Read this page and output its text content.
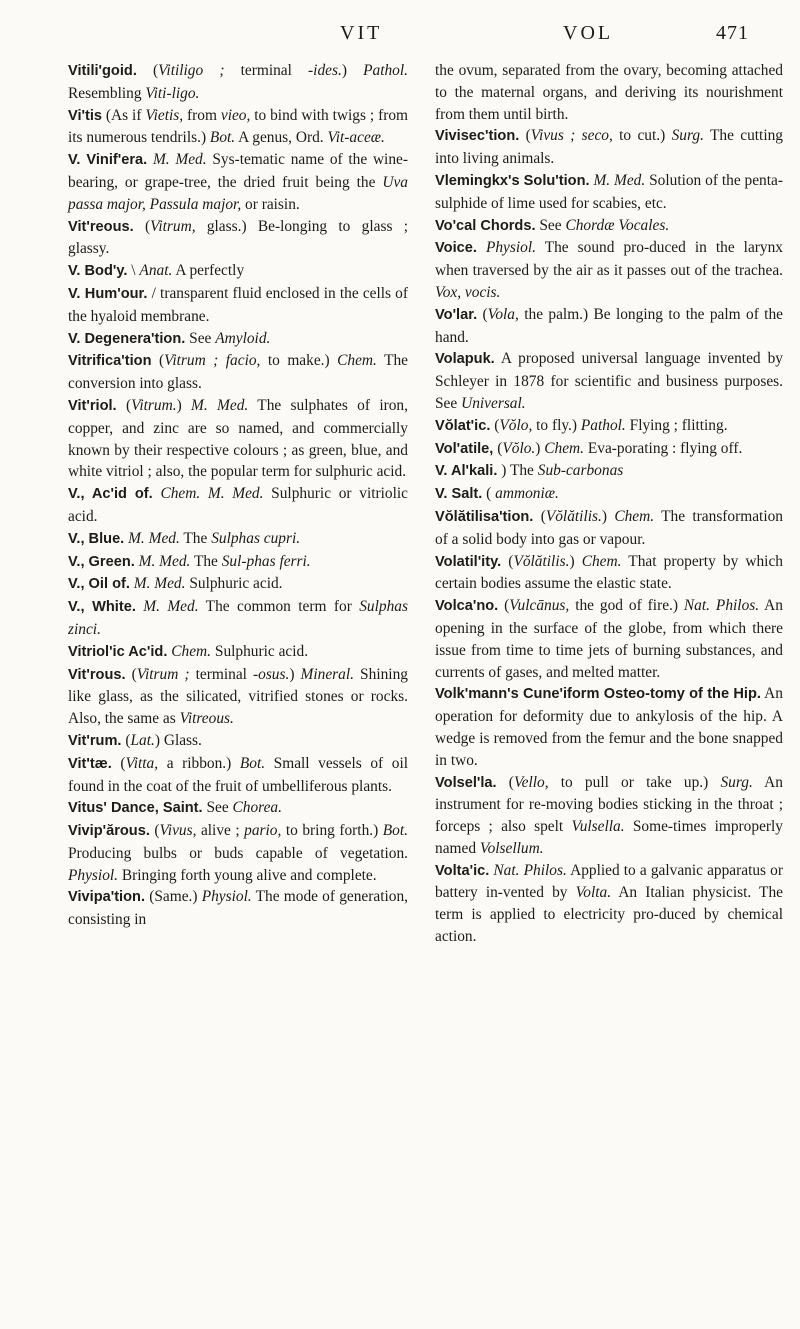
VIT	VOL	471

Vitili'goid. (Vitiligo ; terminal -ides.) Pathol. Resembling Viti-ligo.

Vi'tis (As if Vietis, from vieo, to bind with twigs ; from its numerous tendrils.) Bot. A genus, Ord. Vit-aceæ.

V. Vinif'era. M. Med. Sys-tematic name of the wine-bearing, or grape-tree, the dried fruit being the Uva passa major, Passula major, or raisin.

Vit'reous. (Vitrum, glass.) Be-longing to glass ; glassy.

V. Bod'y. \ Anat. A perfectly

V. Hum'our. / transparent fluid enclosed in the cells of the hyaloid membrane.

V. Degenera'tion. See Amyloid.

Vitrifica'tion (Vitrum ; facio, to make.) Chem. The conversion into glass.

Vit'riol. (Vitrum.) M. Med. The sulphates of iron, copper, and zinc are so named, and commercially known by their respective colours ; as green, blue, and white vitriol ; also, the popular term for sulphuric acid.

V., Ac'id of. Chem. M. Med. Sulphuric or vitriolic acid.

V., Blue. M. Med. The Sulphas cupri.

V., Green. M. Med. The Sul-phas ferri.

V., Oil of. M. Med. Sulphuric acid.

V., White. M. Med. The common term for Sulphas zinci.

Vitriol'ic Ac'id. Chem. Sulphuric acid.

Vit'rous. (Vitrum ; terminal -osus.) Mineral. Shining like glass, as the silicated, vitrified stones or rocks. Also, the same as Vitreous.

Vit'rum. (Lat.) Glass.

Vit'tæ. (Vitta, a ribbon.) Bot. Small vessels of oil found in the coat of the fruit of umbelliferous plants.

Vitus' Dance, Saint. See Chorea.

Vivip'ărous. (Vivus, alive ; pario, to bring forth.) Bot. Producing bulbs or buds capable of vegetation. Physiol. Bringing forth young alive and complete.

Vivipa'tion. (Same.) Physiol. The mode of generation, consisting in

the ovum, separated from the ovary, becoming attached to the maternal organs, and deriving its nourishment from them until birth.

Vivisec'tion. (Vivus ; seco, to cut.) Surg. The cutting into living animals.

Vlemingkx's Solu'tion. M. Med. Solution of the penta-sulphide of lime used for scabies, etc.

Vo'cal Chords. See Chordæ Vocales.

Voice. Physiol. The sound pro-duced in the larynx when traversed by the air as it passes out of the trachea. Vox, vocis.

Vo'lar. (Vola, the palm.) Be longing to the palm of the hand.

Volapuk. A proposed universal language invented by Schleyer in 1878 for scientific and business purposes. See Universal.

Vŏlat'ic. (Vŏlo, to fly.) Pathol. Flying ; flitting.

Vol'atile, (Vŏlo.) Chem. Eva-porating : flying off.

V. Al'kali. ) The Sub-carbonas

V. Salt. ( ammoniæ.

Vŏlătilisa'tion. (Vŏlătilis.) Chem. The transformation of a solid body into gas or vapour.

Volatil'ity. (Vŏlătilis.) Chem. That property by which certain bodies assume the elastic state.

Volca'no. (Vulcānus, the god of fire.) Nat. Philos. An opening in the surface of the globe, from which there issue from time to time jets of burning substances, and currents of gases, and melted matter.

Volk'mann's Cune'iform Osteo-tomy of the Hip. An operation for deformity due to ankylosis of the hip. A wedge is removed from the femur and the bone snapped in two.

Volsel'la. (Vello, to pull or take up.) Surg. An instrument for re-moving bodies sticking in the throat ; forceps ; also spelt Vulsella. Some-times improperly named Volsellum.

Volta'ic. Nat. Philos. Applied to a galvanic apparatus or battery in-vented by Volta. An Italian physicist. The term is applied to electricity pro-duced by chemical action.
